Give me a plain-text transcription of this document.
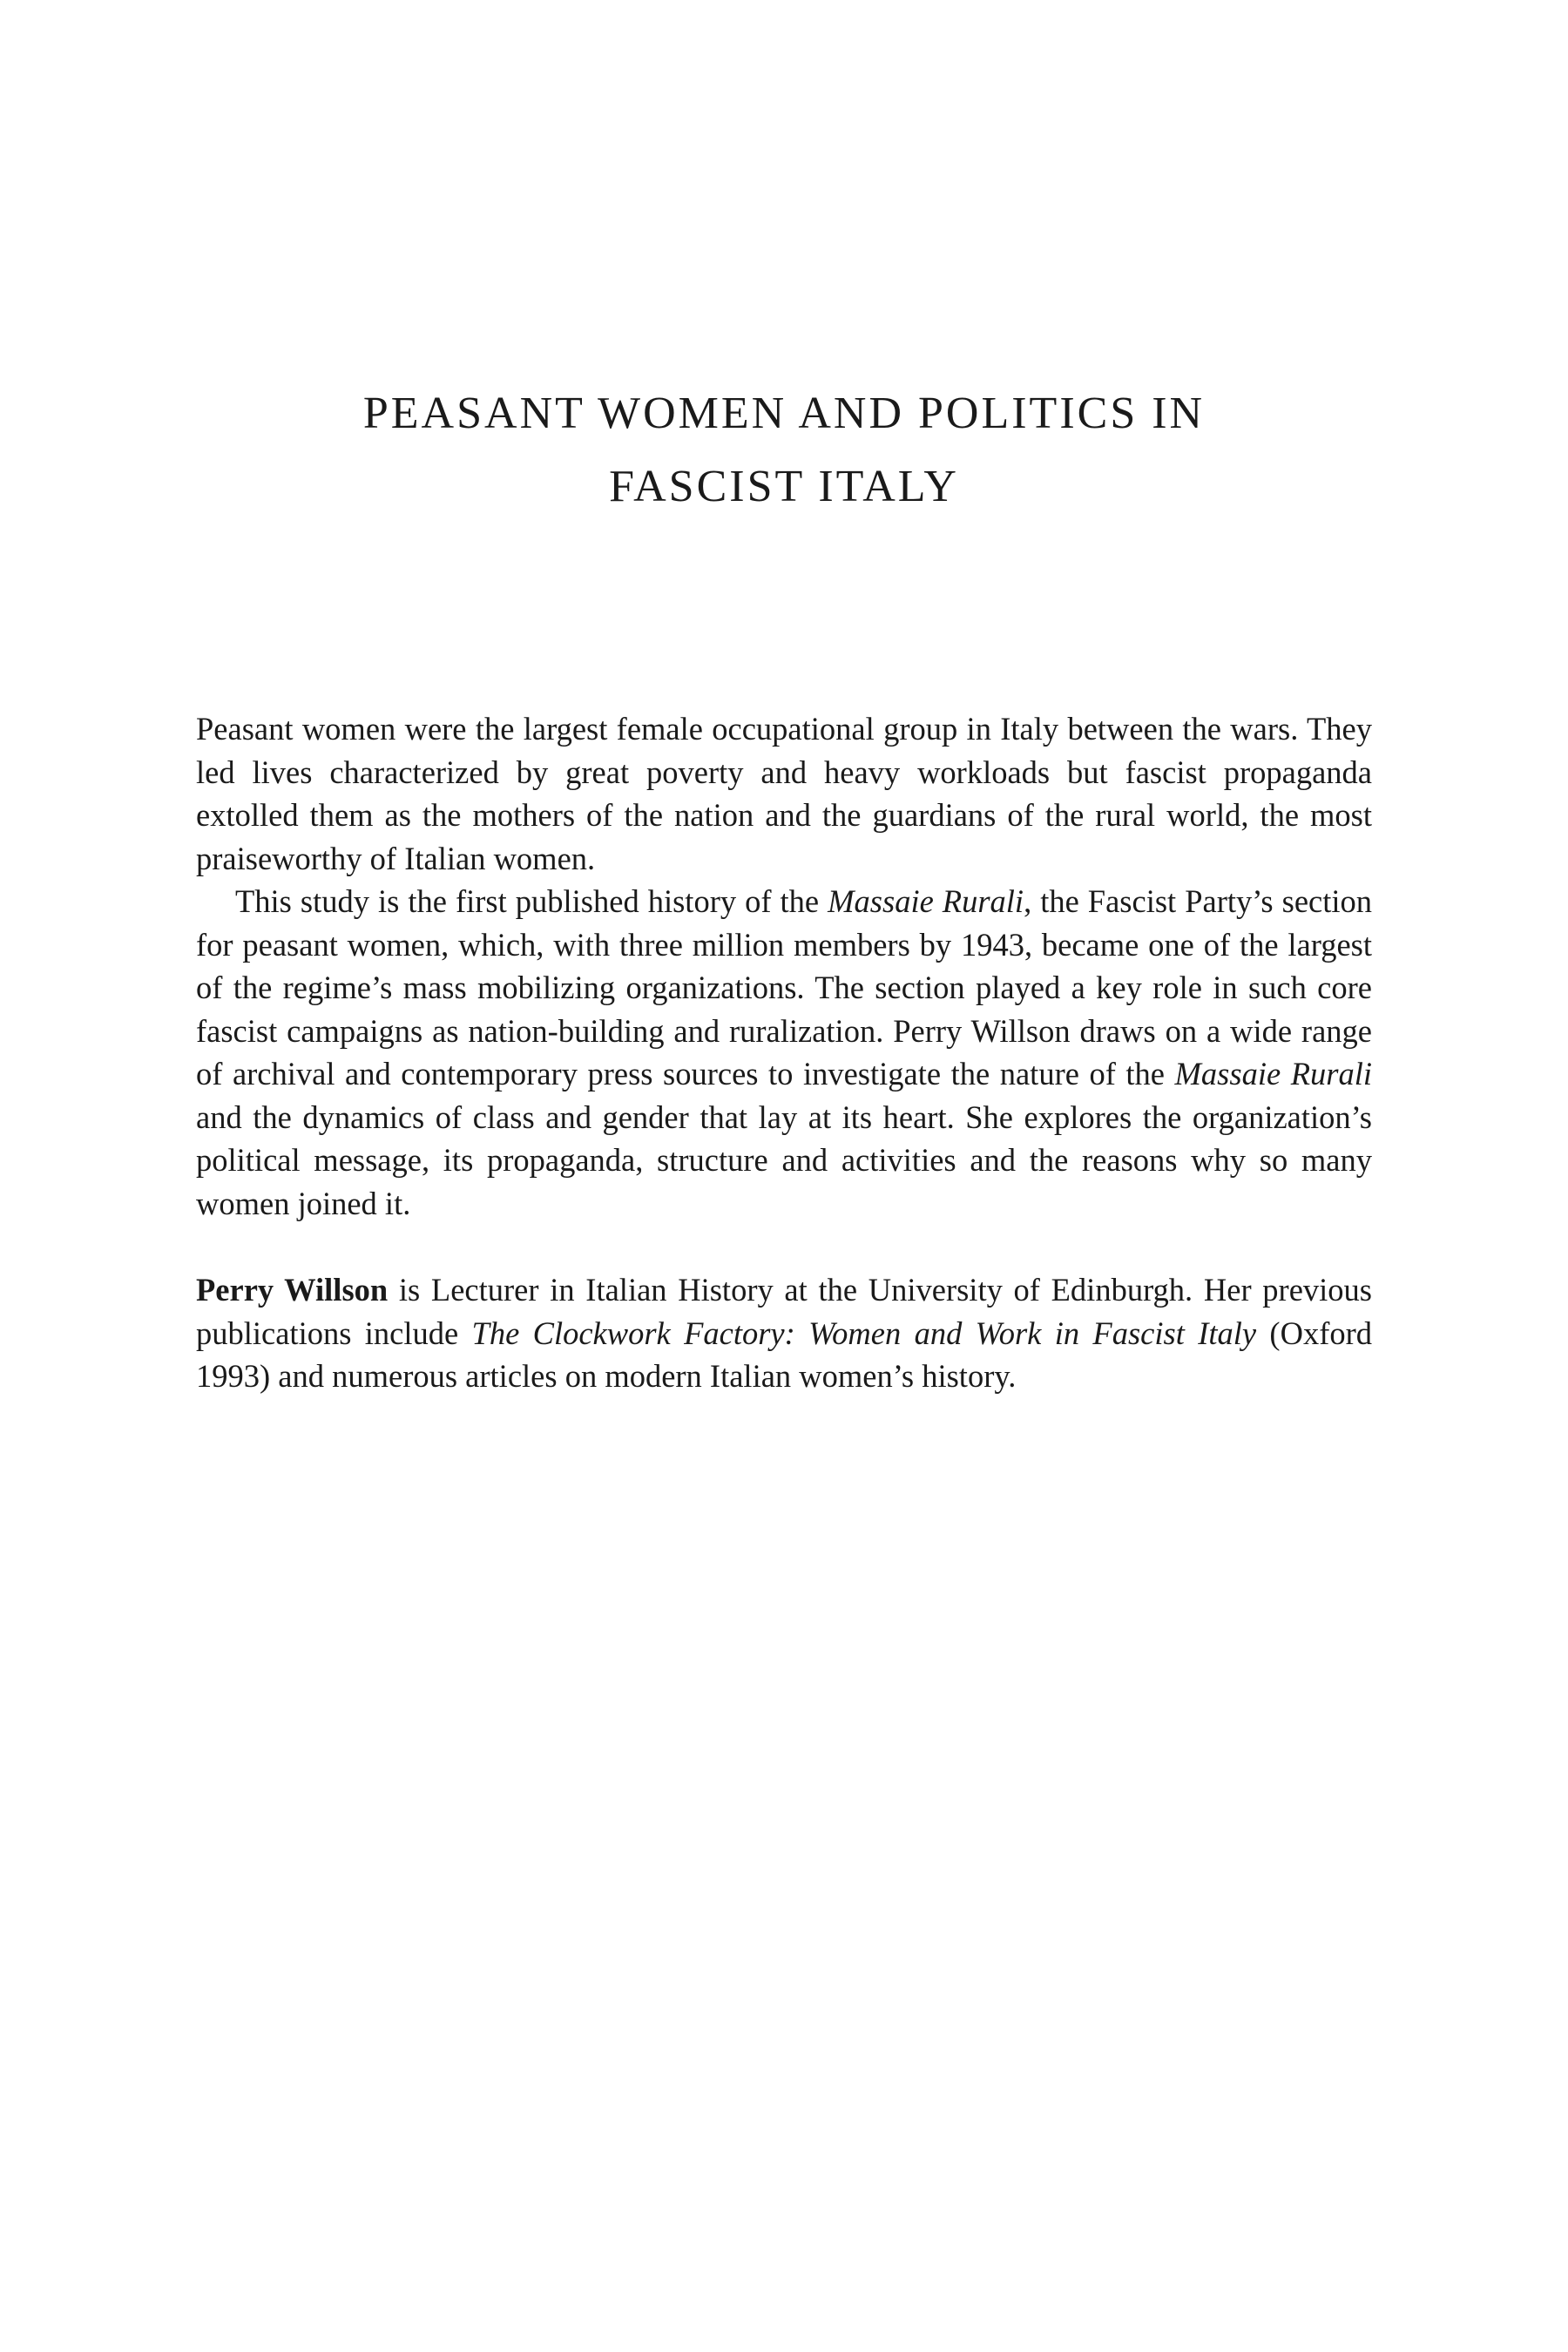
PEASANT WOMEN AND POLITICS IN
FASCIST ITALY

Peasant women were the largest female occupational group in Italy between the wars. They led lives characterized by great poverty and heavy workloads but fascist propaganda extolled them as the mothers of the nation and the guardians of the rural world, the most praiseworthy of Italian women.

This study is the first published history of the Massaie Rurali, the Fascist Party’s section for peasant women, which, with three million members by 1943, became one of the largest of the regime’s mass mobilizing organizations. The section played a key role in such core fascist campaigns as nation-building and ruralization. Perry Willson draws on a wide range of archival and contemporary press sources to investigate the nature of the Massaie Rurali and the dynamics of class and gender that lay at its heart. She explores the organization’s political message, its propaganda, structure and activities and the reasons why so many women joined it.

Perry Willson is Lecturer in Italian History at the University of Edinburgh. Her previous publications include The Clockwork Factory: Women and Work in Fascist Italy (Oxford 1993) and numerous articles on modern Italian women’s history.
